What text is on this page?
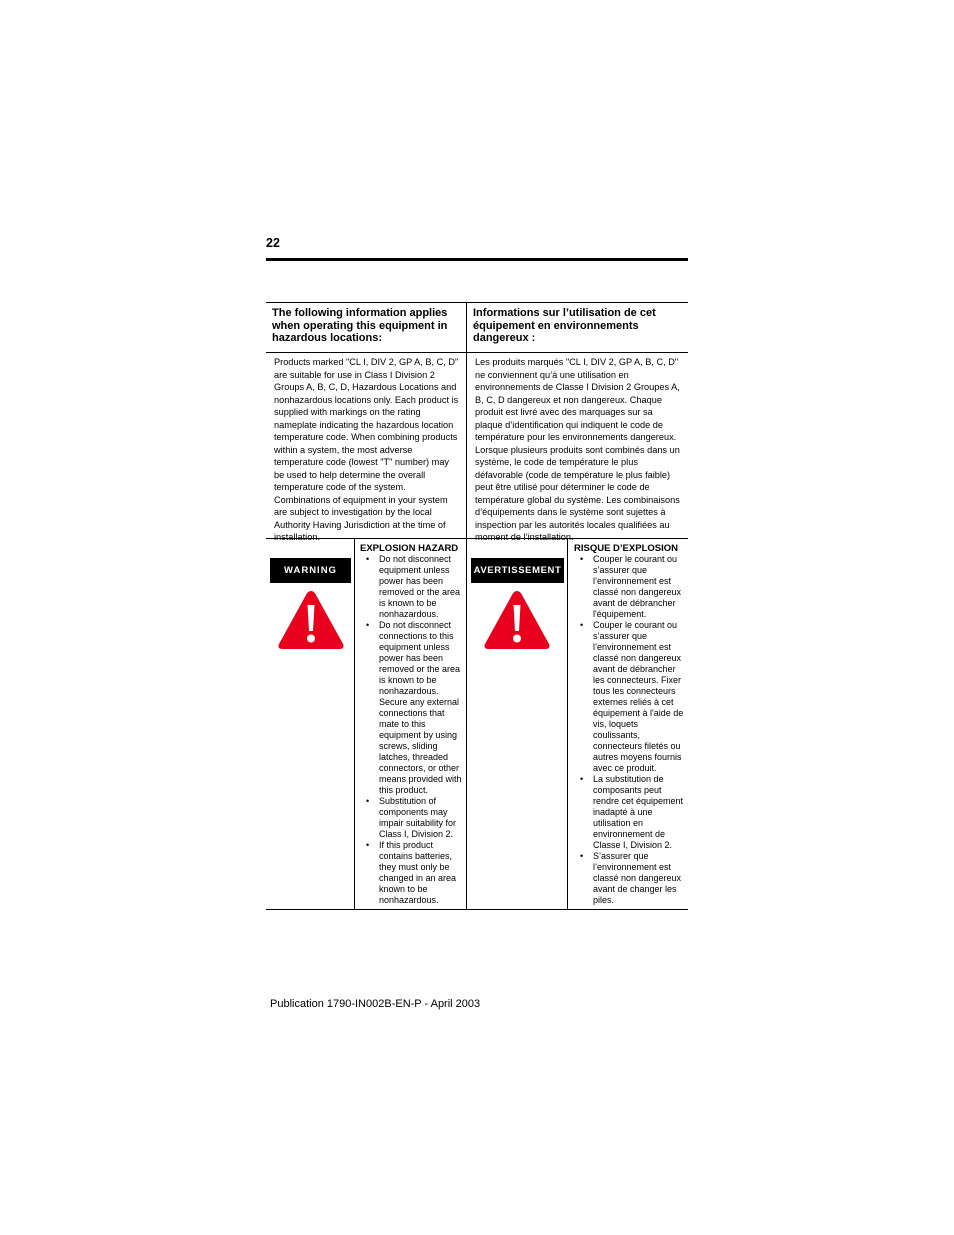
22
The following information applies when operating this equipment in hazardous locations:
Informations sur l’utilisation de cet équipement en environnements dangereux :
Products marked "CL I, DIV 2, GP A, B, C, D" are suitable for use in Class I Division 2 Groups A, B, C, D, Hazardous Locations and nonhazardous locations only. Each product is supplied with markings on the rating nameplate indicating the hazardous location temperature code. When combining products within a system, the most adverse temperature code (lowest "T" number) may be used to help determine the overall temperature code of the system. Combinations of equipment in your system are subject to investigation by the local Authority Having Jurisdiction at the time of installation.
Les produits marqués "CL I, DIV 2, GP A, B, C, D" ne conviennent qu’à une utilisation en environnements de Classe I Division 2 Groupes A, B, C, D dangereux et non dangereux. Chaque produit est livré avec des marquages sur sa plaque d’identification qui indiquent le code de température pour les environnements dangereux. Lorsque plusieurs produits sont combinés dans un système, le code de température le plus défavorable (code de température le plus faible) peut être utilisé pour déterminer le code de température global du système. Les combinaisons d’équipements dans le système sont sujettes à inspection par les autorités locales qualifiées au moment de l’installation.
WARNING
EXPLOSION HAZARD
• Do not disconnect equipment unless power has been removed or the area is known to be nonhazardous.
• Do not disconnect connections to this equipment unless power has been removed or the area is known to be nonhazardous. Secure any external connections that mate to this equipment by using screws, sliding latches, threaded connectors, or other means provided with this product.
• Substitution of components may impair suitability for Class I, Division 2.
• If this product contains batteries, they must only be changed in an area known to be nonhazardous.
AVERTISSEMENT
RISQUE D’EXPLOSION
• Couper le courant ou s’assurer que l’environnement est classé non dangereux avant de débrancher l'équipement.
• Couper le courant ou s’assurer que l’environnement est classé non dangereux avant de débrancher les connecteurs. Fixer tous les connecteurs externes reliés à cet équipement à l'aide de vis, loquets coulissants, connecteurs filetés ou autres moyens fournis avec ce produit.
• La substitution de composants peut rendre cet équipement inadapté à une utilisation en environnement de Classe I, Division 2.
• S’assurer que l’environnement est classé non dangereux avant de changer les piles.
Publication 1790-IN002B-EN-P - April 2003
